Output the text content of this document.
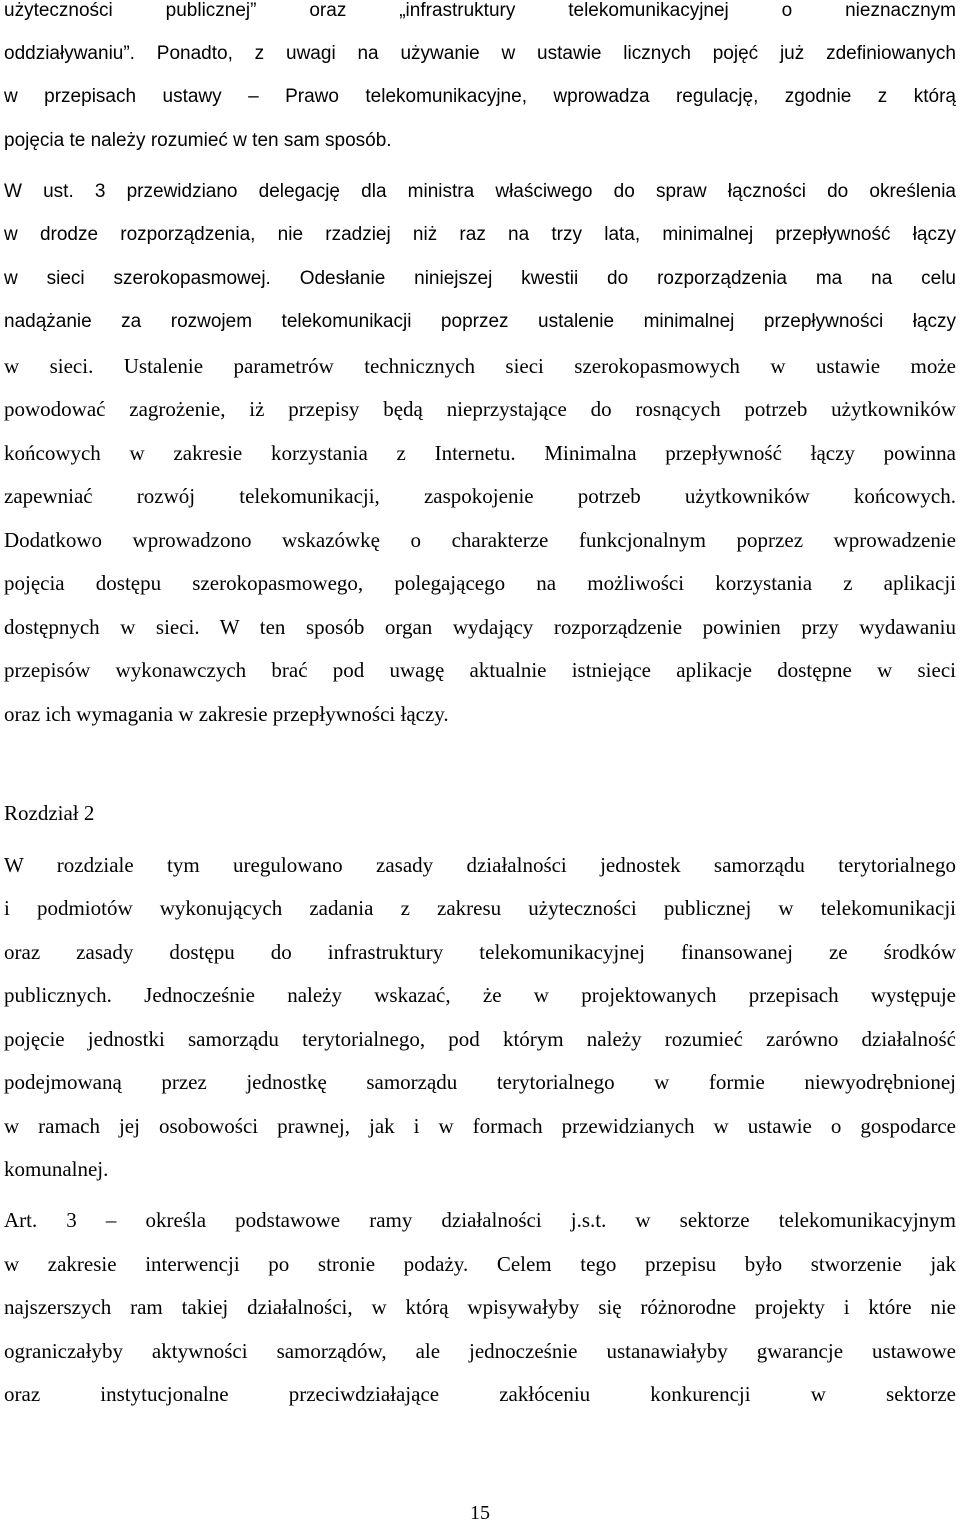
użyteczności publicznej” oraz „infrastruktury telekomunikacyjnej o nieznacznym
oddziaływaniu”. Ponadto, z uwagi na używanie w ustawie licznych pojęć już zdefiniowanych
w przepisach ustawy – Prawo telekomunikacyjne, wprowadza regulację, zgodnie z którą
pojęcia te należy rozumieć w ten sam sposób.
W ust. 3 przewidziano delegację dla ministra właściwego do spraw łączności do określenia
w drodze rozporządzenia, nie rzadziej niż raz na trzy lata, minimalnej przepływność łączy
w sieci szerokopasmowej. Odesłanie niniejszej kwestii do rozporządzenia ma na celu
nadążanie za rozwojem telekomunikacji poprzez ustalenie minimalnej przepływności łączy
w sieci. Ustalenie parametrów technicznych sieci szerokopasmowych w ustawie może
powodować zagrożenie, iż przepisy będą nieprzystające do rosnących potrzeb użytkowników
końcowych w zakresie korzystania z Internetu. Minimalna przepływność łączy powinna
zapewniać rozwój telekomunikacji, zaspokojenie potrzeb użytkowników końcowych.
Dodatkowo wprowadzono wskazówkę o charakterze funkcjonalnym poprzez wprowadzenie
pojęcia dostępu szerokopasmowego, polegającego na możliwości korzystania z aplikacji
dostępnych w sieci. W ten sposób organ wydający rozporządzenie powinien przy wydawaniu
przepisów wykonawczych brać pod uwagę aktualnie istniejące aplikacje dostępne w sieci
oraz ich wymagania w zakresie przepływności łączy.
Rozdział 2
W rozdziale tym uregulowano zasady działalności jednostek samorządu terytorialnego
i podmiotów wykonujących zadania z zakresu użyteczności publicznej w telekomunikacji
oraz zasady dostępu do infrastruktury telekomunikacyjnej finansowanej ze środków
publicznych. Jednocześnie należy wskazać, że w projektowanych przepisach występuje
pojęcie jednostki samorządu terytorialnego, pod którym należy rozumieć zarówno działalność
podejmowaną przez jednostkę samorządu terytorialnego w formie niewyodrębnionej
w ramach jej osobowości prawnej, jak i w formach przewidzianych w ustawie o gospodarce
komunalnej.
Art. 3 – określa podstawowe ramy działalności j.s.t. w sektorze telekomunikacyjnym
w zakresie interwencji po stronie podaży. Celem tego przepisu było stworzenie jak
najszerszych ram takiej działalności, w którą wpisywałyby się różnorodne projekty i które nie
ograniczałyby aktywności samorządów, ale jednocześnie ustanawiałyby gwarancje ustawowe
oraz instytucjonalne przeciwdziałające zakłóceniu konkurencji w sektorze
15
